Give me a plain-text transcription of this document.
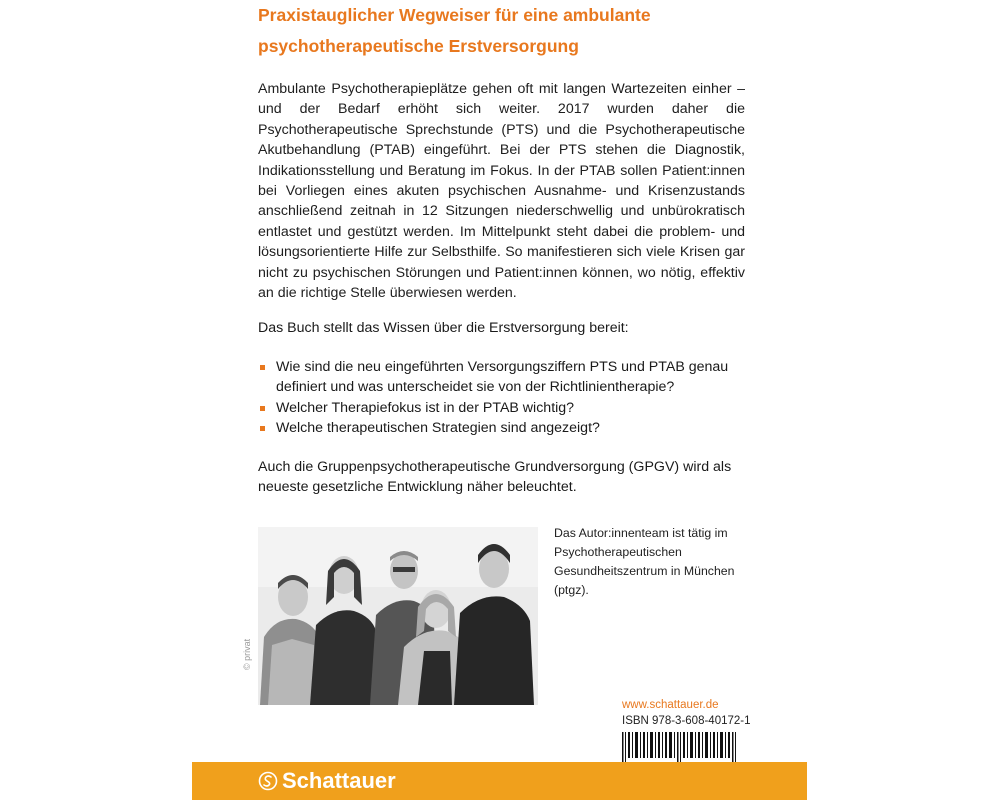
Praxistauglicher Wegweiser für eine ambulante
psychotherapeutische Erstversorgung
Ambulante Psychotherapieplätze gehen oft mit langen Wartezeiten einher – und der Bedarf erhöht sich weiter. 2017 wurden daher die Psychotherapeutische Sprechstunde (PTS) und die Psychotherapeutische Akutbehandlung (PTAB) eingeführt. Bei der PTS stehen die Diagnostik, Indikationsstellung und Beratung im Fokus. In der PTAB sollen Patient:innen bei Vorliegen eines akuten psychischen Ausnahme- und Krisenzustands anschließend zeitnah in 12 Sitzungen niederschwellig und unbürokratisch entlastet und gestützt werden. Im Mittelpunkt steht dabei die problem- und lösungsorientierte Hilfe zur Selbsthilfe. So manifestieren sich viele Krisen gar nicht zu psychischen Störungen und Patient:innen können, wo nötig, effektiv an die richtige Stelle überwiesen werden.
Das Buch stellt das Wissen über die Erstversorgung bereit:
Wie sind die neu eingeführten Versorgungsziffern PTS und PTAB genau definiert und was unterscheidet sie von der Richtlinientherapie?
Welcher Therapiefokus ist in der PTAB wichtig?
Welche therapeutischen Strategien sind angezeigt?
Auch die Gruppenpsychotherapeutische Grundversorgung (GPGV) wird als neueste gesetzliche Entwicklung näher beleuchtet.
© privat
Das Autor:innenteam ist tätig im Psychotherapeutischen Gesundheitszentrum in München (ptgz).
www.schattauer.de
ISBN 978-3-608-40172-1
Schattauer
